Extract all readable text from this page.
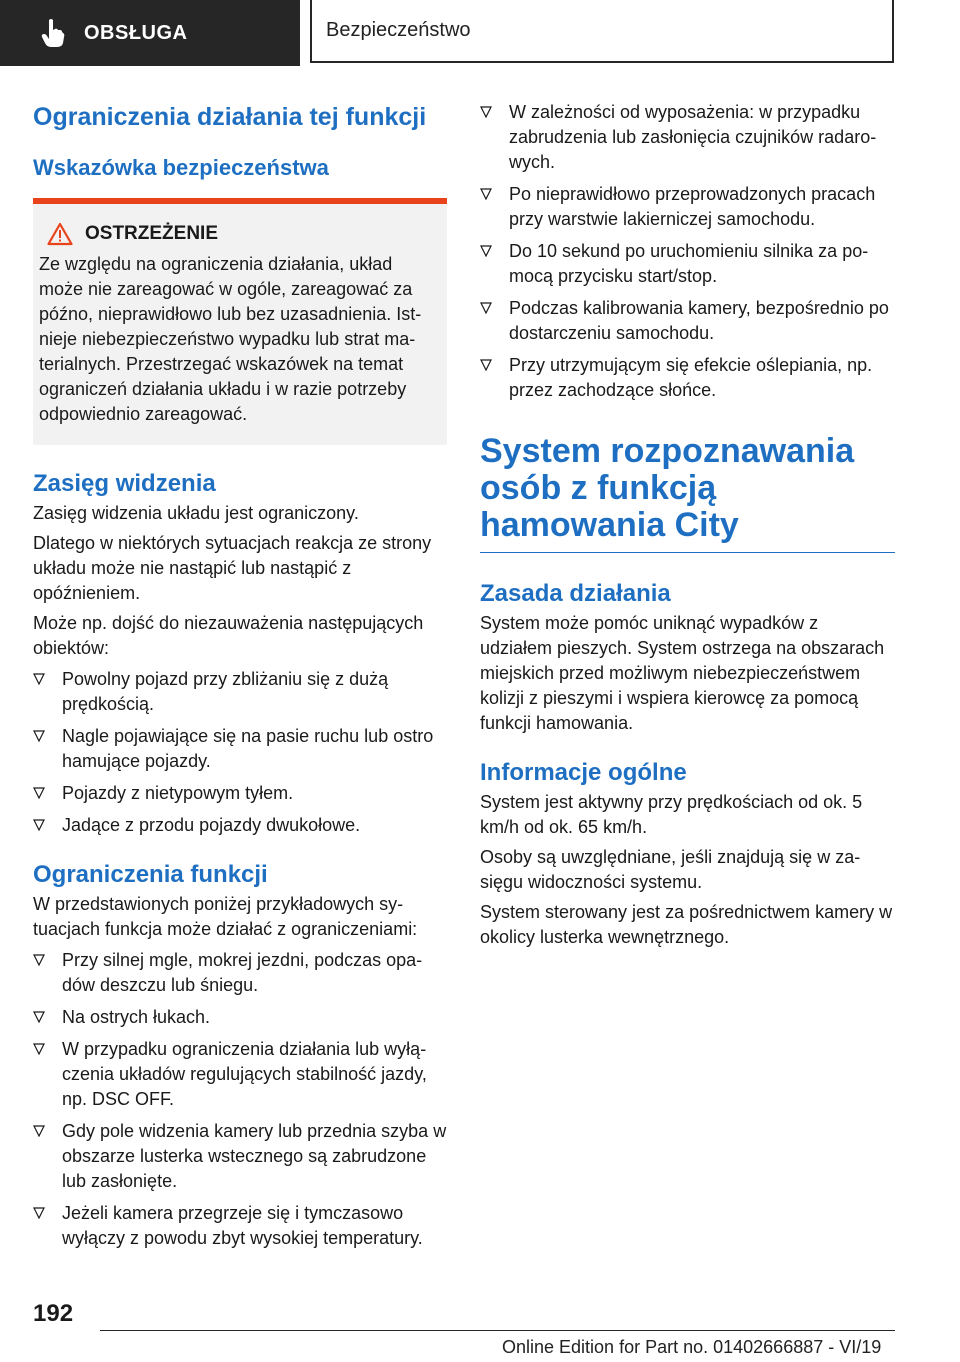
OBSŁUGA	Bezpieczeństwo
Ograniczenia działania tej funkcji
Wskazówka bezpieczeństwa
OSTRZEŻENIE

Ze względu na ograniczenia działania, układ może nie zareagować w ogóle, zareagować za późno, nieprawidłowo lub bez uzasadnienia. Istnieje niebezpieczeństwo wypadku lub strat materialnych. Przestrzegać wskazówek na temat ograniczeń działania układu i w razie potrzeby odpowiednio zareagować.

Zasięg widzenia

Zasięg widzenia układu jest ograniczony.

Dlatego w niektórych sytuacjach reakcja ze strony układu może nie nastąpić lub nastąpić z opóźnieniem.

Może np. dojść do niezauważenia następujących obiektów:

Powolny pojazd przy zbliżaniu się z dużą prędkością.
Nagle pojawiające się na pasie ruchu lub ostro hamujące pojazdy.
Pojazdy z nietypowym tyłem.
Jadące z przodu pojazdy dwukołowe.
Ograniczenia funkcji

W przedstawionych poniżej przykładowych sytuacjach funkcja może działać z ograniczeniami:

Przy silnej mgle, mokrej jezdni, podczas opadów deszczu lub śniegu.
Na ostrych łukach.
W przypadku ograniczenia działania lub wyłączenia układów regulujących stabilność jazdy, np. DSC OFF.
Gdy pole widzenia kamery lub przednia szyba w obszarze lusterka wstecznego są zabrudzone lub zasłonięte.
Jeżeli kamera przegrzeje się i tymczasowo wyłączy z powodu zbyt wysokiej temperatury.
W zależności od wyposażenia: w przypadku zabrudzenia lub zasłonięcia czujników radarowych.
Po nieprawidłowo przeprowadzonych pracach przy warstwie lakierniczej samochodu.
Do 10 sekund po uruchomieniu silnika za pomocą przycisku start/stop.
Podczas kalibrowania kamery, bezpośrednio po dostarczeniu samochodu.
Przy utrzymującym się efekcie oślepiania, np. przez zachodzące słońce.
System rozpoznawania osób z funkcją hamowania City
Zasada działania

System może pomóc uniknąć wypadków z udziałem pieszych. System ostrzega na obszarach miejskich przed możliwym niebezpieczeństwem kolizji z pieszymi i wspiera kierowcę za pomocą funkcji hamowania.

Informacje ogólne

System jest aktywny przy prędkościach od ok. 5 km/h od ok. 65 km/h.

Osoby są uwzględniane, jeśli znajdują się w zasięgu widoczności systemu.

System sterowany jest za pośrednictwem kamery w okolicy lusterka wewnętrznego.

192
Online Edition for Part no. 01402666887 - VI/19
